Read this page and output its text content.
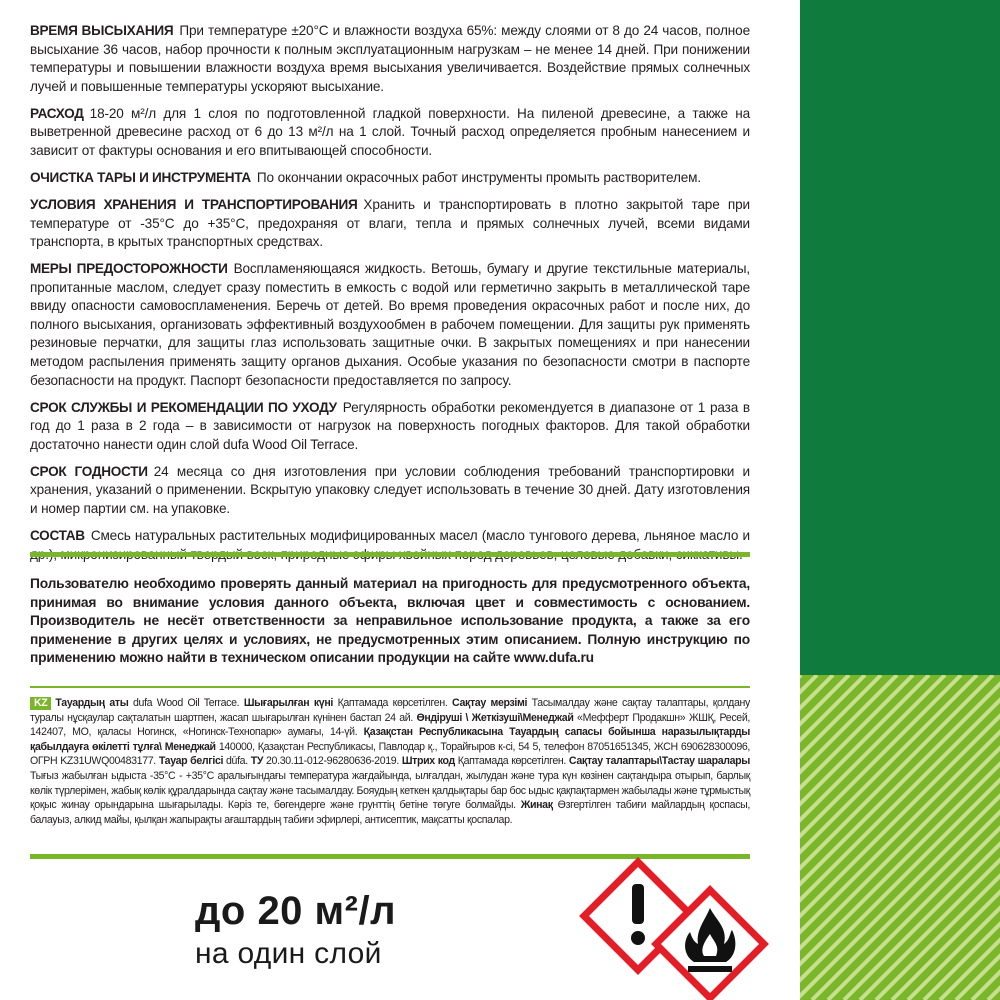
ВРЕМЯ ВЫСЫХАНИЯ При температуре ±20°С и влажности воздуха 65%: между слоями от 8 до 24 часов, полное высыхание 36 часов, набор прочности к полным эксплуатационным нагрузкам – не менее 14 дней. При понижении температуры и повышении влажности воздуха время высыхания увеличивается. Воздействие прямых солнечных лучей и повышенные температуры ускоряют высыхание.

РАСХОД 18-20 м²/л для 1 слоя по подготовленной гладкой поверхности. На пиленой древесине, а также на выветренной древесине расход от 6 до 13 м²/л на 1 слой. Точный расход определяется пробным нанесением и зависит от фактуры основания и его впитывающей способности.

ОЧИСТКА ТАРЫ И ИНСТРУМЕНТА По окончании окрасочных работ инструменты промыть растворителем.

УСЛОВИЯ ХРАНЕНИЯ И ТРАНСПОРТИРОВАНИЯ Хранить и транспортировать в плотно закрытой таре при температуре от -35°С до +35°С, предохраняя от влаги, тепла и прямых солнечных лучей, всеми видами транспорта, в крытых транспортных средствах.

МЕРЫ ПРЕДОСТОРОЖНОСТИ Воспламеняющаяся жидкость. Ветошь, бумагу и другие текстильные материалы, пропитанные маслом, следует сразу поместить в емкость с водой или герметично закрыть в металлической таре ввиду опасности самовоспламенения. Беречь от детей. Во время проведения окрасочных работ и после них, до полного высыхания, организовать эффективный воздухообмен в рабочем помещении. Для защиты рук применять резиновые перчатки, для защиты глаз использовать защитные очки. В закрытых помещениях и при нанесении методом распыления применять защиту органов дыхания. Особые указания по безопасности смотри в паспорте безопасности на продукт. Паспорт безопасности предоставляется по запросу.

СРОК СЛУЖБЫ И РЕКОМЕНДАЦИИ ПО УХОДУ Регулярность обработки рекомендуется в диапазоне от 1 раза в год до 1 раза в 2 года – в зависимости от нагрузок на поверхность погодных факторов. Для такой обработки достаточно нанести один слой dufa Wood Oil Terrace.

СРОК ГОДНОСТИ 24 месяца со дня изготовления при условии соблюдения требований транспортировки и хранения, указаний о применении. Вскрытую упаковку следует использовать в течение 30 дней. Дату изготовления и номер партии см. на упаковке.

СОСТАВ Смесь натуральных растительных модифицированных масел (масло тунгового дерева, льняное масло и

Пользователю необходимо проверять данный материал на пригодность для предусмотренного объекта, принимая во внимание условия данного объекта, включая цвет и совместимость с основанием. Производитель не несёт ответственности за неправильное использование продукта, а также за его применение в других целях и условиях, не предусмотренных этим описанием. Полную инструкцию по применению можно найти в техническом описании продукции на сайте www.dufa.ru

KZ Тауардың аты dufa Wood Oil Terrace. Шығарылған күні Қаптамада көрсетілген. Сақтау мерзімі Тасымалдау және сақтау талаптары, қолдану туралы нұсқаулар сақталатын шартпен, жасап шығарылған күнінен бастап 24 ай. Өндіруші \ Жеткізуші\Менеджай «Мефферт Продакшн» ЖШҚ, Ресей, 142407, МО, қаласы Ногинск, «Ногинск-Технопарк» аумағы, 14-үй. Қазақстан Республикасына Тауардың сапасы бойынша наразылықтарды қабылдауға өкілетті тұлға\ Менеджай 140000, Қазақстан Республикасы, Павлодар қ., Торайғыров к-сі, 54 5, телефон 87051651345, ЖСН 690628300096, ОГРН KZ31UWQ00483177. Тауар белгісі dūfa. ТУ 20.30.11-012-96280636-2019. Штрих код Қаптамада көрсетілген. Сақтау талаптары\Тастау шаралары Тығыз жабылған ыдыста -35°C - +35°C аралығындағы температура жағдайында, ылғалдан, жылудан және тура күн көзінен сақтандыра отырып, барлық көлік түрлерімен, жабық көлік құралдарында сақтау және тасымалдау. Бояудың кеткен қалдықтары бар бос ыдыс қақпақтармен жабылады және тұрмыстық қоқыс жинау орындарына шығарылады. Кәріз те, бөгендерге және грунттің бетіне төгуге болмайды. Жинақ Өзгертілген табиғи майлардың қоспасы, балауыз, алкид майы, қылқан жапырақты ағаштардың табиғи эфирлері, антисептик, мақсатты қоспалар.

до 20 м²/л
на один слой
